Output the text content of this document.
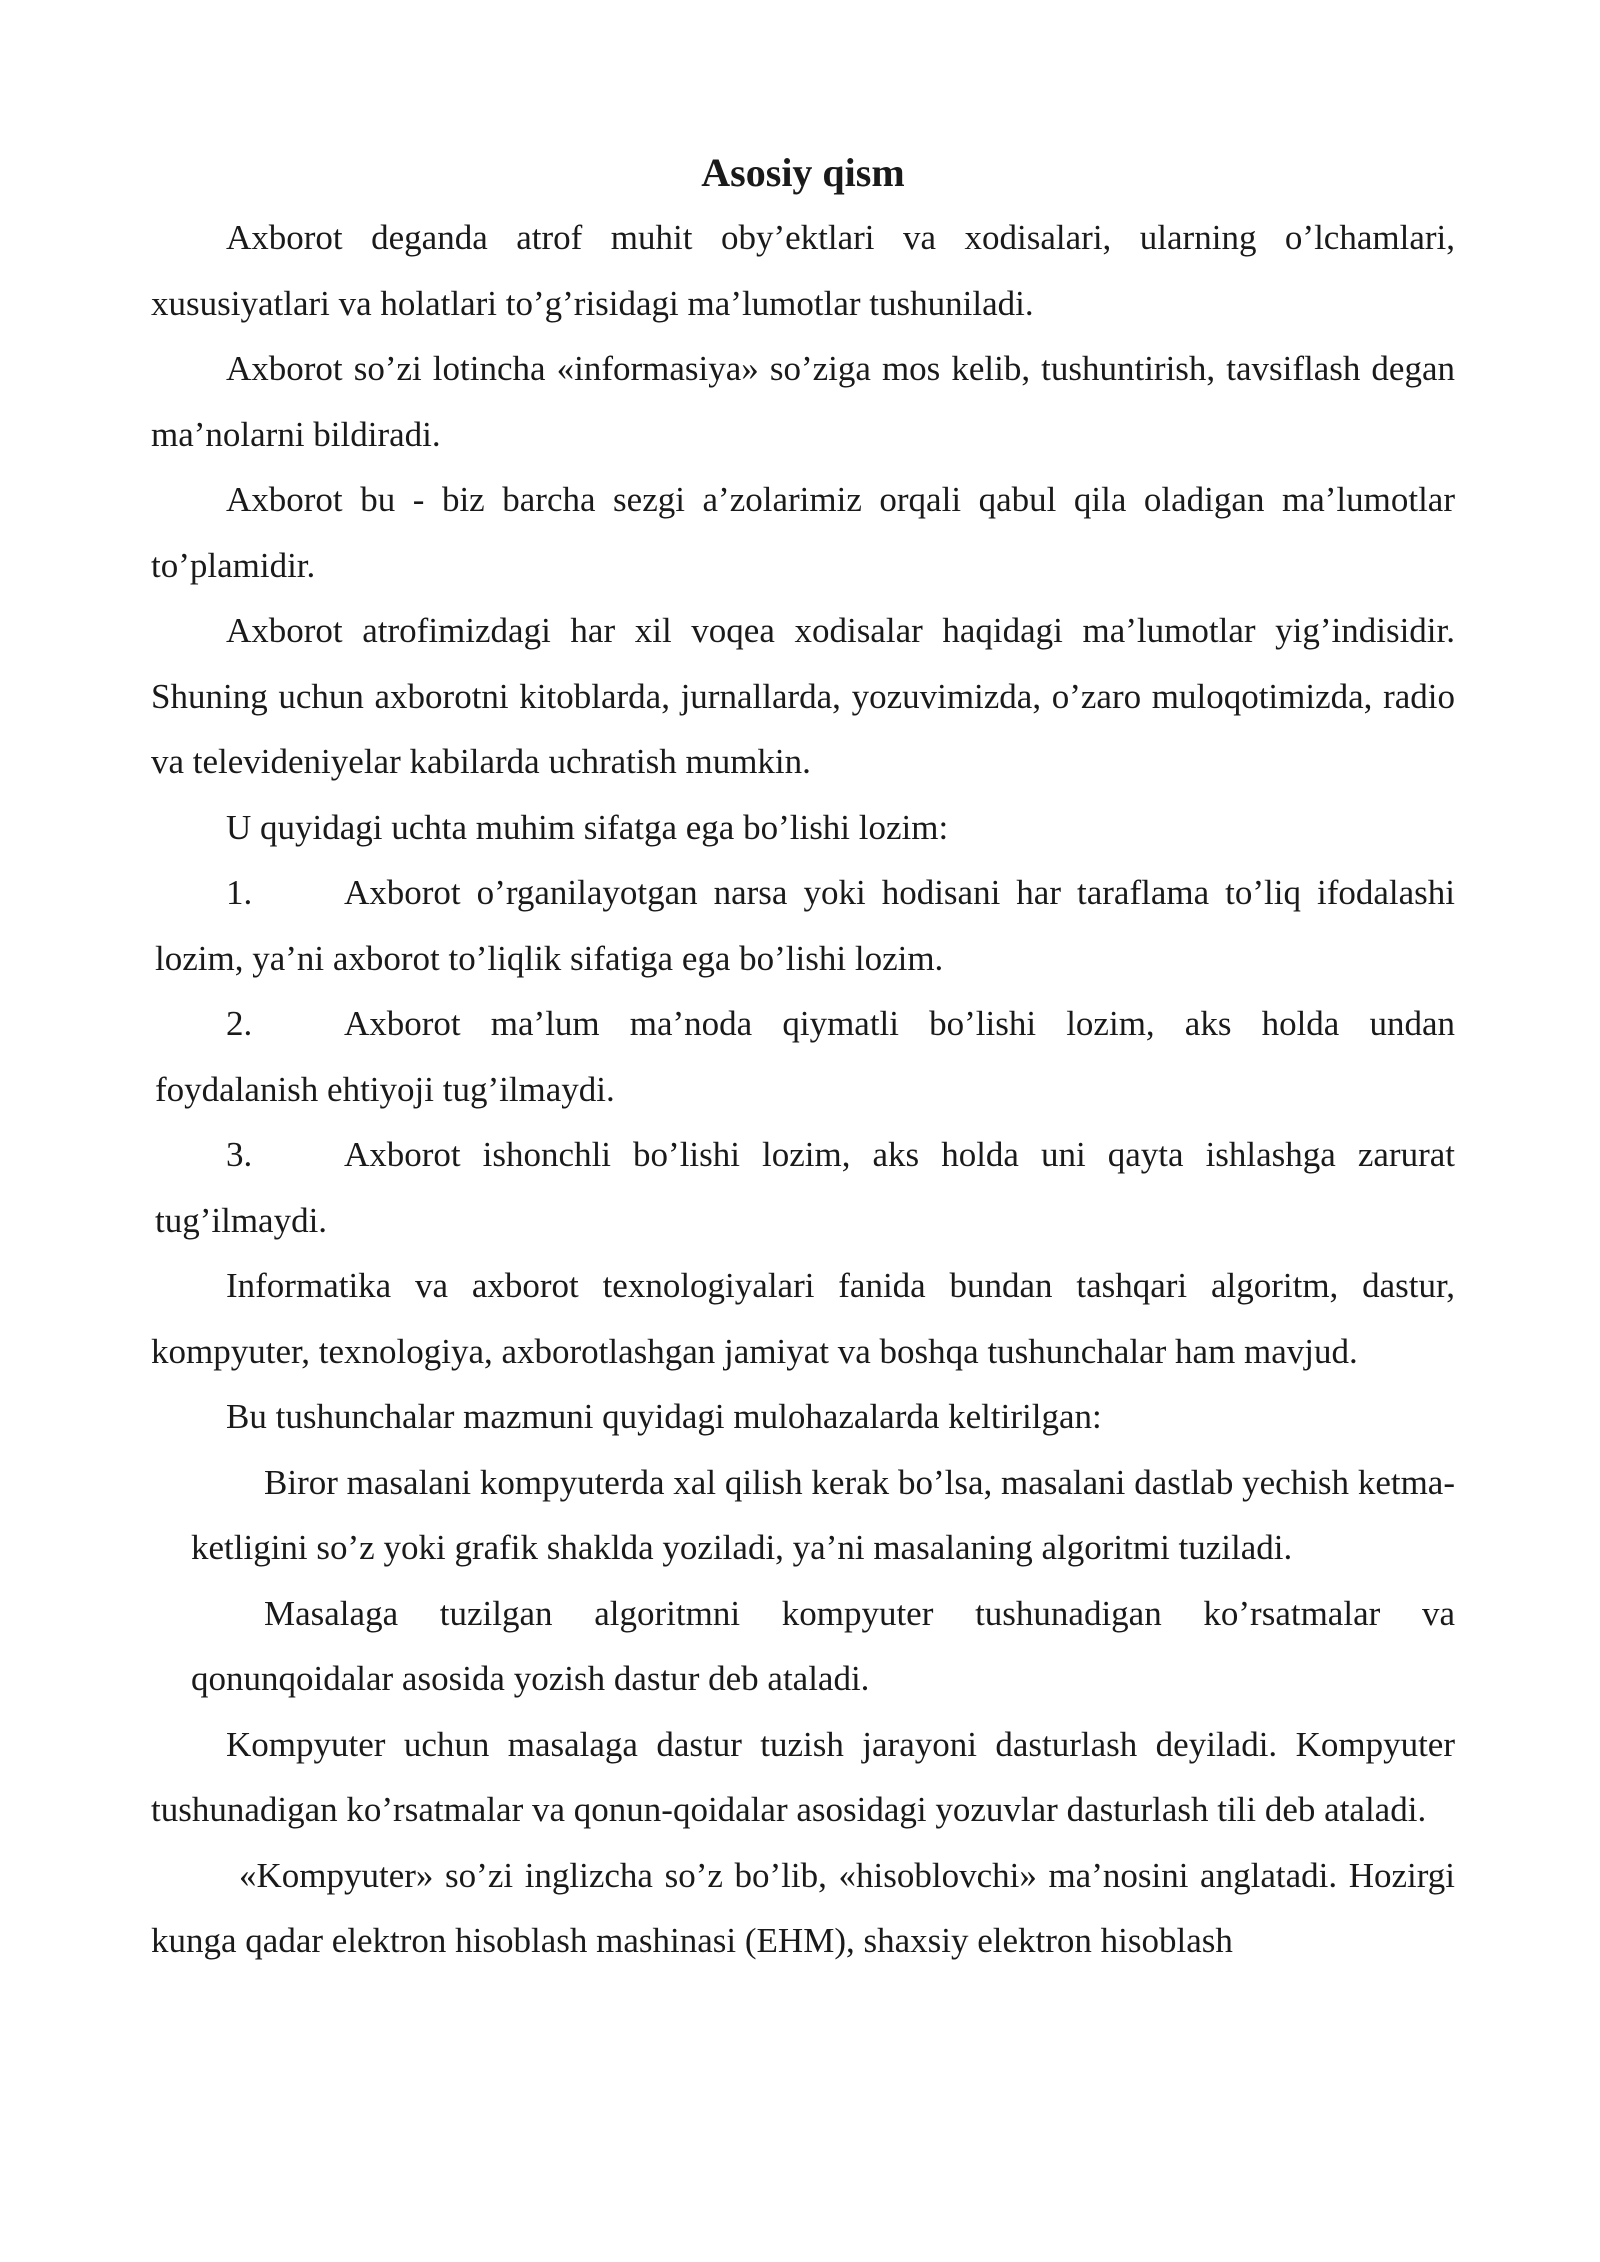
Asosiy qism

Axborot deganda atrof muhit oby’ektlari va xodisalari, ularning o’lchamlari, xususiyatlari va holatlari to’g’risidagi ma’lumotlar tushuniladi.

Axborot so’zi lotincha «informasiya» so’ziga mos kelib, tushuntirish, tavsiflash degan ma’nolarni bildiradi.

Axborot bu - biz barcha sezgi a’zolarimiz orqali qabul qila oladigan ma’lumotlar to’plamidir.

Axborot atrofimizdagi har xil voqea xodisalar haqidagi ma’lumotlar yig’indisidir. Shuning uchun axborotni kitoblarda, jurnallarda, yozuvimizda, o’zaro muloqotimizda, radio va televideniyelar kabilarda uchratish mumkin.

U quyidagi uchta muhim sifatga ega bo’lishi lozim:

1.	Axborot o’rganilayotgan narsa yoki hodisani har taraflama to’liq ifodalashi lozim, ya’ni axborot to’liqlik sifatiga ega bo’lishi lozim.

2.	Axborot ma’lum ma’noda qiymatli bo’lishi lozim, aks holda undan foydalanish ehtiyoji tug’ilmaydi.

3.	Axborot ishonchli bo’lishi lozim, aks holda uni qayta ishlashga zarurat tug’ilmaydi.

Informatika va axborot texnologiyalari fanida bundan tashqari algoritm, dastur, kompyuter, texnologiya, axborotlashgan jamiyat va boshqa tushunchalar ham mavjud.

Bu tushunchalar mazmuni quyidagi mulohazalarda keltirilgan:

Biror masalani kompyuterda xal qilish kerak bo’lsa, masalani dastlab yechish ketma-ketligini so’z yoki grafik shaklda yoziladi, ya’ni masalaning algoritmi tuziladi.

Masalaga tuzilgan algoritmni kompyuter tushunadigan ko’rsatmalar va qonunqoidalar asosida yozish dastur deb ataladi.

Kompyuter uchun masalaga dastur tuzish jarayoni dasturlash deyiladi. Kompyuter tushunadigan ko’rsatmalar va qonun-qoidalar asosidagi yozuvlar dasturlash tili deb ataladi.

«Kompyuter» so’zi inglizcha so’z bo’lib, «hisoblovchi» ma’nosini anglatadi. Hozirgi kunga qadar elektron hisoblash mashinasi (EHM), shaxsiy elektron hisoblash
